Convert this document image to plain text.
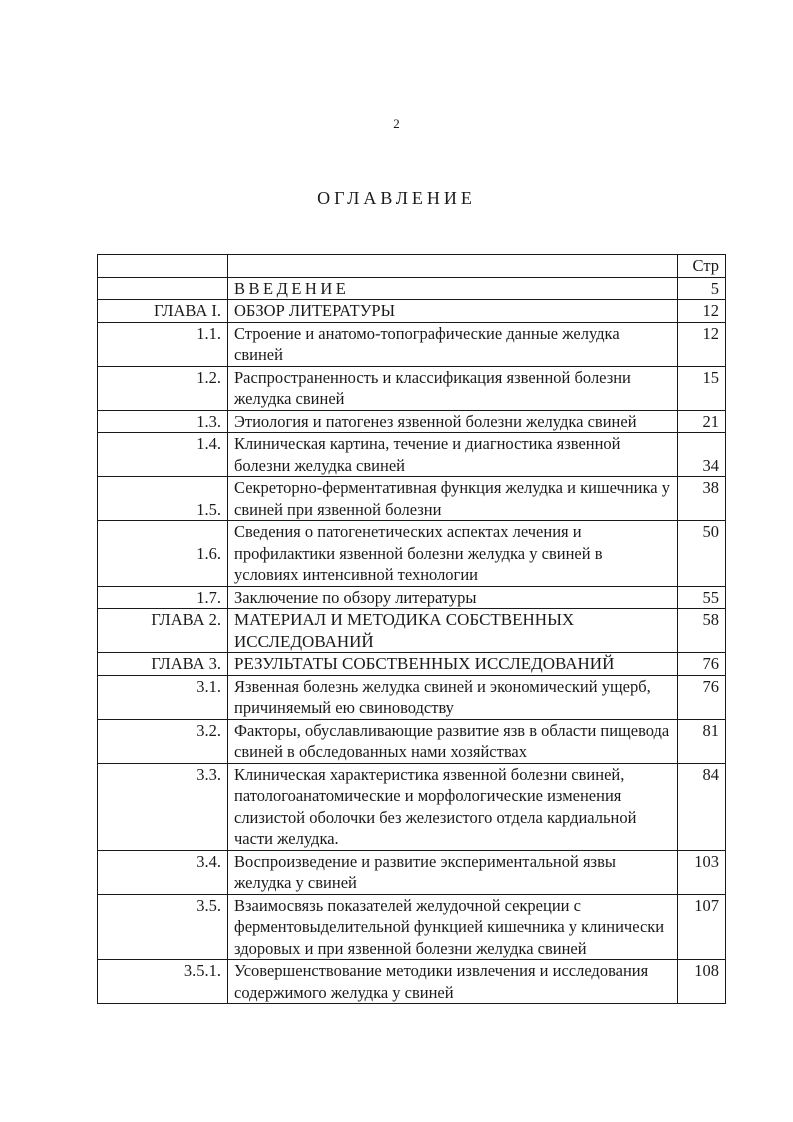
2
ОГЛАВЛЕНИЕ
		Стр
	ВВЕДЕНИЕ	5
ГЛАВА I.	ОБЗОР ЛИТЕРАТУРЫ	12
1.1.	Строение и анатомо-топографические данные желудка свиней	12
1.2.	Распространенность и классификация язвенной болезни желудка свиней	15
1.3.	Этиология и патогенез язвенной болезни желудка свиней	21
1.4.	Клиническая картина, течение и диагностика язвенной болезни желудка свиней	34
1.5.	Секреторно-ферментативная функция желудка и кишечника у свиней при язвенной болезни	38
1.6.	Сведения о патогенетических аспектах лечения и профилактики язвенной болезни желудка у свиней в условиях интенсивной технологии	50
1.7.	Заключение по обзору литературы	55
ГЛАВА 2.	МАТЕРИАЛ И МЕТОДИКА СОБСТВЕННЫХ ИССЛЕДОВАНИЙ	58
ГЛАВА 3.	РЕЗУЛЬТАТЫ СОБСТВЕННЫХ ИССЛЕДОВАНИЙ	76
3.1.	Язвенная болезнь желудка свиней и экономический ущерб, причиняемый ею свиноводству	76
3.2.	Факторы, обуславливающие развитие язв в области пищевода свиней в обследованных нами хозяйствах	81
3.3.	Клиническая характеристика язвенной болезни свиней, патологоанатомические и морфологические изменения слизистой оболочки без железистого отдела кардиальной части желудка.	84
3.4.	Воспроизведение и развитие экспериментальной язвы желудка у свиней	103
3.5.	Взаимосвязь показателей желудочной секреции с ферментовыделительной функцией кишечника у клинически здоровых и при язвенной болезни желудка свиней	107
3.5.1.	Усовершенствование методики извлечения и исследования содержимого желудка у свиней	108
